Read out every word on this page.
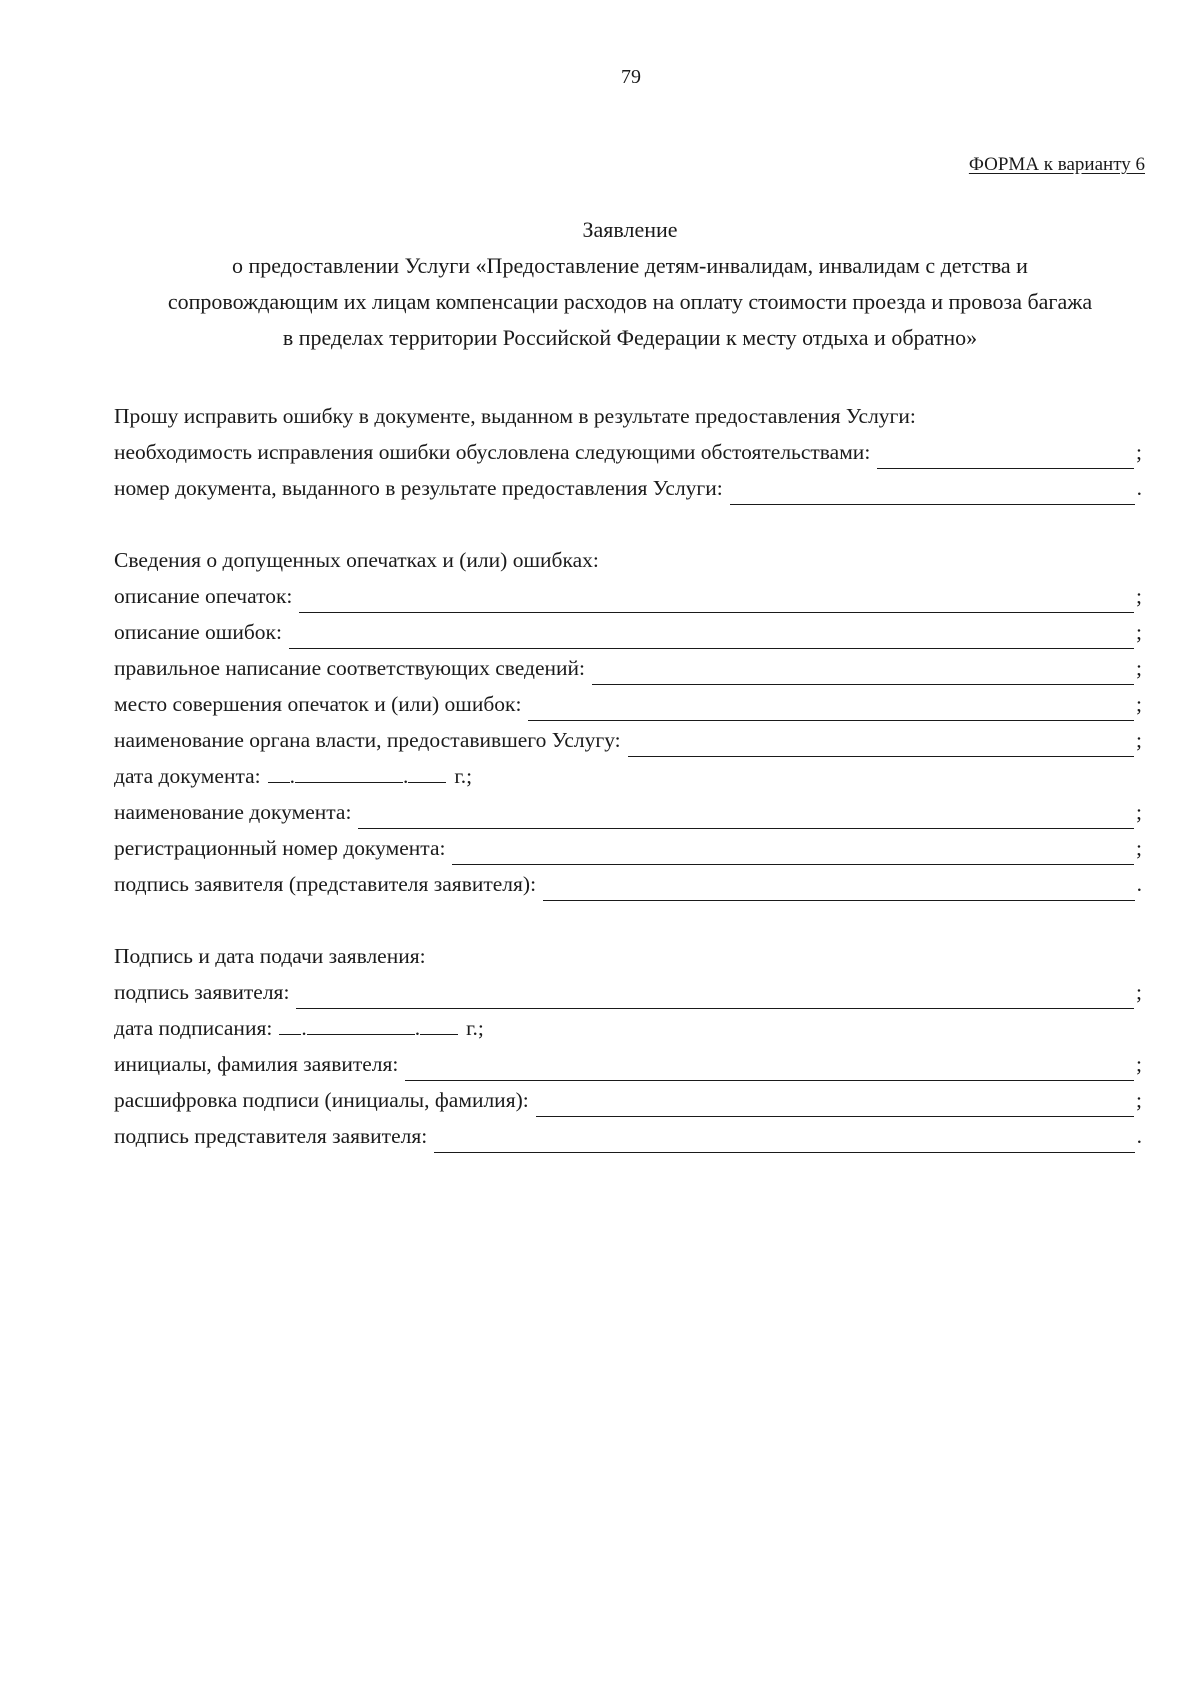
79
ФОРМА к варианту 6
Заявление
о предоставлении Услуги «Предоставление детям-инвалидам, инвалидам с детства и
сопровождающим их лицам компенсации расходов на оплату стоимости проезда и провоза багажа
в пределах территории Российской Федерации к месту отдыха и обратно»
Прошу исправить ошибку в документе, выданном в результате предоставления Услуги:
необходимость исправления ошибки обусловлена следующими обстоятельствами:	;
номер документа, выданного в результате предоставления Услуги:	.
Сведения о допущенных опечатках и (или) ошибках:
описание опечаток:	;
описание ошибок:	;
правильное написание соответствующих сведений:	;
место совершения опечаток и (или) ошибок:	;
наименование органа власти, предоставившего Услугу:	;
дата документа:	.	.	г.;
наименование документа:	;
регистрационный номер документа:	;
подпись заявителя (представителя заявителя):	.
Подпись и дата подачи заявления:
подпись заявителя:	;
дата подписания:	.	.	г.;
инициалы, фамилия заявителя:	;
расшифровка подписи (инициалы, фамилия):	;
подпись представителя заявителя:	.
